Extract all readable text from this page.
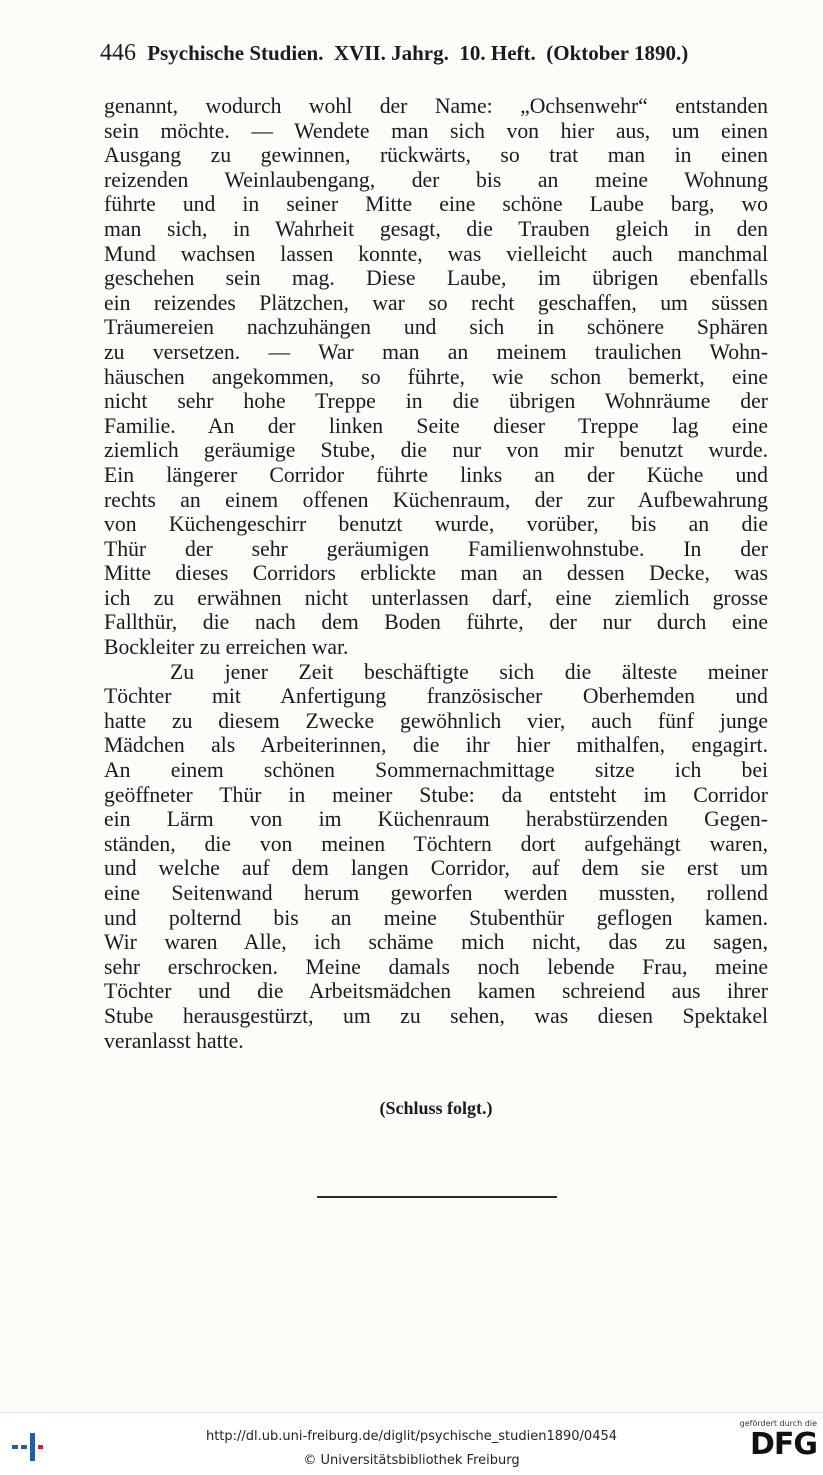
446 Psychische Studien.  XVII. Jahrg.  10. Heft.  (Oktober 1890.)
genannt, wodurch wohl der Name: „Ochsenwehr“ entstanden
sein möchte. — Wendete man sich von hier aus, um einen
Ausgang zu gewinnen, rückwärts, so trat man in einen
reizenden Weinlaubengang, der bis an meine Wohnung
führte und in seiner Mitte eine schöne Laube barg, wo
man sich, in Wahrheit gesagt, die Trauben gleich in den
Mund wachsen lassen konnte, was vielleicht auch manchmal
geschehen sein mag. Diese Laube, im übrigen ebenfalls
ein reizendes Plätzchen, war so recht geschaffen, um süssen
Träumereien nachzuhängen und sich in schönere Sphären
zu versetzen. — War man an meinem traulichen Wohn-
häuschen angekommen, so führte, wie schon bemerkt, eine
nicht sehr hohe Treppe in die übrigen Wohnräume der
Familie. An der linken Seite dieser Treppe lag eine
ziemlich geräumige Stube, die nur von mir benutzt wurde.
Ein längerer Corridor führte links an der Küche und
rechts an einem offenen Küchenraum, der zur Aufbewahrung
von Küchengeschirr benutzt wurde, vorüber, bis an die
Thür der sehr geräumigen Familienwohnstube. In der
Mitte dieses Corridors erblickte man an dessen Decke, was
ich zu erwähnen nicht unterlassen darf, eine ziemlich grosse
Fallthür, die nach dem Boden führte, der nur durch eine
Bockleiter zu erreichen war.
Zu jener Zeit beschäftigte sich die älteste meiner
Töchter mit Anfertigung französischer Oberhemden und
hatte zu diesem Zwecke gewöhnlich vier, auch fünf junge
Mädchen als Arbeiterinnen, die ihr hier mithalfen, engagirt.
An einem schönen Sommernachmittage sitze ich bei
geöffneter Thür in meiner Stube: da entsteht im Corridor
ein Lärm von im Küchenraum herabstürzenden Gegen-
ständen, die von meinen Töchtern dort aufgehängt waren,
und welche auf dem langen Corridor, auf dem sie erst um
eine Seitenwand herum geworfen werden mussten, rollend
und polternd bis an meine Stubenthür geflogen kamen.
Wir waren Alle, ich schäme mich nicht, das zu sagen,
sehr erschrocken. Meine damals noch lebende Frau, meine
Töchter und die Arbeitsmädchen kamen schreiend aus ihrer
Stube herausgestürzt, um zu sehen, was diesen Spektakel
veranlasst hatte.
(Schluss folgt.)
http://dl.ub.uni-freiburg.de/diglit/psychische_studien1890/0454
© Universitätsbibliothek Freiburg
gefördert durch die
DFG
